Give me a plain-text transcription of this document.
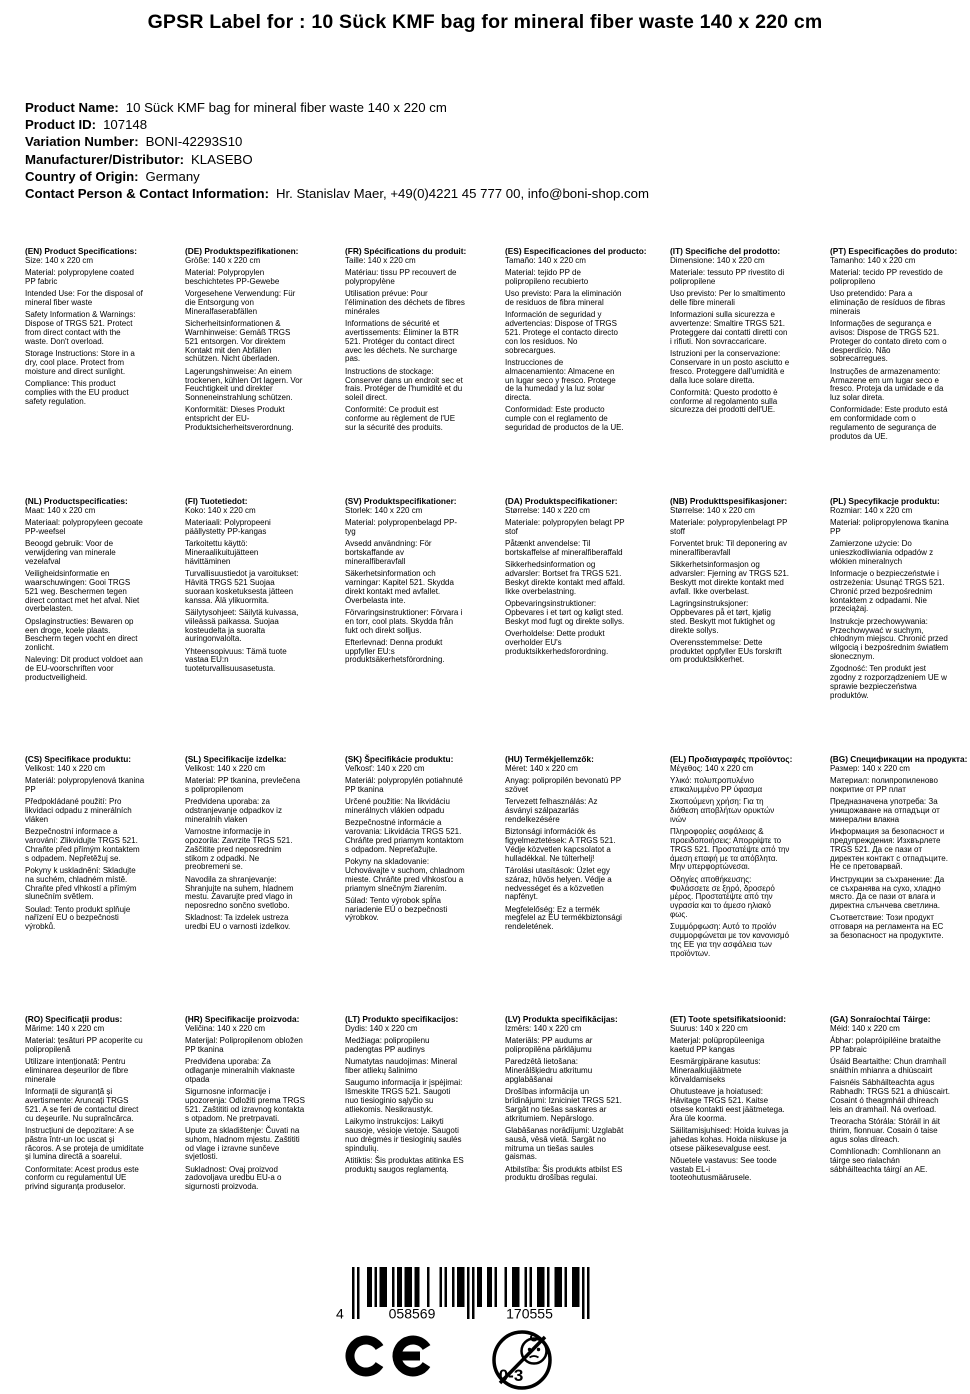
GPSR Label for : 10 Sück KMF bag for mineral fiber waste 140 x 220 cm
Product Name: 10 Sück KMF bag for mineral fiber waste 140 x 220 cm
Product ID: 107148
Variation Number: BONI-42293S10
Manufacturer/Distributor: KLASEBO
Country of Origin: Germany
Contact Person & Contact Information: Hr. Stanislav Maer, +49(0)4221 45 777 00, info@boni-shop.com
(EN) Product Specifications:
Size: 140 x 220 cm
Material: polypropylene coated PP fabric
Intended Use: For the disposal of mineral fiber waste
Safety Information & Warnings: Dispose of TRGS 521. Protect from direct contact with the waste. Don't overload.
Storage Instructions: Store in a dry, cool place. Protect from moisture and direct sunlight.
Compliance: This product complies with the EU product safety regulation.
(DE) Produktspezifikationen:
Größe: 140 x 220 cm
Material: Polypropylen beschichtetes PP-Gewebe
Vorgesehene Verwendung: Für die Entsorgung von Mineralfaserabfällen
Sicherheitsinformationen & Warnhinweise: Gemäß TRGS 521 entsorgen. Vor direktem Kontakt mit den Abfällen schützen. Nicht überladen.
Lagerungshinweise: An einem trockenen, kühlen Ort lagern. Vor Feuchtigkeit und direkter Sonneneinstrahlung schützen.
Konformität: Dieses Produkt entspricht der EU-Produktsicherheitsverordnung.
(FR) Spécifications du produit:
Taille: 140 x 220 cm
Matériau: tissu PP recouvert de polypropylène
Utilisation prévue: Pour l'élimination des déchets de fibres minérales
Informations de sécurité et avertissements: Éliminer la BTR 521. Protéger du contact direct avec les déchets. Ne surcharge pas.
Instructions de stockage: Conserver dans un endroit sec et frais. Protéger de l'humidité et du soleil direct.
Conformité: Ce produit est conforme au règlement de l'UE sur la sécurité des produits.
(ES) Especificaciones del producto:
Tamaño: 140 x 220 cm
Material: tejido PP de polipropileno recubierto
Uso previsto: Para la eliminación de residuos de fibra mineral
Información de seguridad y advertencias: Dispose of TRGS 521. Protege el contacto directo con los residuos. No sobrecargues.
Instrucciones de almacenamiento: Almacene en un lugar seco y fresco. Protege de la humedad y la luz solar directa.
Conformidad: Este producto cumple con el reglamento de seguridad de productos de la UE.
(IT) Specifiche del prodotto:
Dimensione: 140 x 220 cm
Materiale: tessuto PP rivestito di polipropilene
Uso previsto: Per lo smaltimento delle fibre minerali
Informazioni sulla sicurezza e avvertenze: Smaltire TRGS 521. Proteggere dai contatti diretti con i rifiuti. Non sovraccaricare.
Istruzioni per la conservazione: Conservare in un posto asciutto e fresco. Proteggere dall'umidità e dalla luce solare diretta.
Conformità: Questo prodotto è conforme al regolamento sulla sicurezza dei prodotti dell'UE.
(PT) Especificações do produto:
Tamanho: 140 x 220 cm
Material: tecido PP revestido de polipropileno
Uso pretendido: Para a eliminação de resíduos de fibras minerais
Informações de segurança e avisos: Dispose de TRGS 521. Proteger do contato direto com o desperdício. Não sobrecarregues.
Instruções de armazenamento: Armazene em um lugar seco e fresco. Proteja da umidade e da luz solar direta.
Conformidade: Este produto está em conformidade com o regulamento de segurança de produtos da UE.
(NL) Productspecificaties:
Maat: 140 x 220 cm
Materiaal: polypropyleen gecoate PP-weefsel
Beoogd gebruik: Voor de verwijdering van minerale vezelafval
Veiligheidsinformatie en waarschuwingen: Gooi TRGS 521 weg. Beschermen tegen direct contact met het afval. Niet overbelasten.
Opslaginstructies: Bewaren op een droge, koele plaats. Bescherm tegen vocht en direct zonlicht.
Naleving: Dit product voldoet aan de EU-voorschriften voor productveiligheid.
(FI) Tuotetiedot:
Koko: 140 x 220 cm
Materiaali: Polypropeeni päällystetty PP-kangas
Tarkoitettu käyttö: Mineraalikuitujätteen hävittäminen
Turvallisuustiedot ja varoitukset: Hävitä TRGS 521 Suojaa suoraan kosketuksesta jätteen kanssa. Älä ylikuormita.
Säilytysohjeet: Säilytä kuivassa, viileässä paikassa. Suojaa kosteudelta ja suoralta auringonvalolta.
Yhteensopivuus: Tämä tuote vastaa EU:n tuoteturvallisuusasetusta.
(SV) Produktspecifikationer:
Storlek: 140 x 220 cm
Material: polypropenbelagd PP-tyg
Avsedd användning: För bortskaffande av mineralfiberavfall
Säkerhetsinformation och varningar: Kapitel 521. Skydda direkt kontakt med avfallet. Överbelasta inte.
Förvaringsinstruktioner: Förvara i en torr, cool plats. Skydda från fukt och direkt solljus.
Efterlevnad: Denna produkt uppfyller EU:s produktsäkerhetsförordning.
(DA) Produktspecifikationer:
Størrelse: 140 x 220 cm
Materiale: polypropylen belagt PP stof
Påtænkt anvendelse: Til bortskaffelse af mineralfiberaffald
Sikkerhedsinformation og advarsler: Bortset fra TRGS 521. Beskyt direkte kontakt med affald. Ikke overbelastning.
Opbevaringsinstruktioner: Opbevares i et tørt og køligt sted. Beskyt mod fugt og direkte sollys.
Overholdelse: Dette produkt overholder EU's produktsikkerhedsforordning.
(NB) Produkttspesifikasjoner:
Størrelse: 140 x 220 cm
Materiale: polypropylenbelagt PP stoff
Forventet bruk: Til deponering av mineralfiberavfall
Sikkerhetsinformasjon og advarsler: Fjerning av TRGS 521. Beskytt mot direkte kontakt med avfall. Ikke overbelast.
Lagringsinstruksjoner: Oppbevares på et tørt, kjølig sted. Beskytt mot fuktighet og direkte sollys.
Overensstemmelse: Dette produktet oppfyller EUs forskrift om produktsikkerhet.
(PL) Specyfikacje produktu:
Rozmiar: 140 x 220 cm
Materiał: polipropylenowa tkanina PP
Zamierzone użycie: Do unieszkodliwiania odpadów z włókien mineralnych
Informacje o bezpieczeństwie i ostrzeżenia: Usunąć TRGS 521. Chronić przed bezpośrednim kontaktem z odpadami. Nie przeciążaj.
Instrukcje przechowywania: Przechowywać w suchym, chłodnym miejscu. Chronić przed wilgocią i bezpośrednim światłem słonecznym.
Zgodność: Ten produkt jest zgodny z rozporządzeniem UE w sprawie bezpieczeństwa produktów.
(CS) Specifikace produktu:
Velikost: 140 x 220 cm
Materiál: polypropylenová tkanina PP
Předpokládané použití: Pro likvidaci odpadu z minerálních vláken
Bezpečnostní informace a varování: Zlikvidujte TRGS 521. Chraňte před přímým kontaktem s odpadem. Nepřetěžuj se.
Pokyny k uskladnění: Skladujte na suchém, chladném místě. Chraňte před vlhkostí a přímým slunečním světlem.
Soulad: Tento produkt splňuje nařízení EU o bezpečnosti výrobků.
(SL) Specifikacije izdelka:
Velikost: 140 x 220 cm
Material: PP tkanina, prevlečena s polipropilenom
Predvidena uporaba: za odstranjevanje odpadkov iz mineralnih vlaken
Varnostne informacije in opozorila: Zavrzite TRGS 521. Zaščitite pred neposrednim stikom z odpadki. Ne preobremeni se.
Navodila za shranjevanje: Shranjujte na suhem, hladnem mestu. Zavarujte pred vlago in neposredno sončno svetlobo.
Skladnost: Ta izdelek ustreza uredbi EU o varnosti izdelkov.
(SK) Špecifikácie produktu:
Veľkosť: 140 x 220 cm
Materiál: polypropylén potiahnuté PP tkanina
Určené použitie: Na likvidáciu minerálnych vlákien odpadu
Bezpečnostné informácie a varovania: Likvidácia TRGS 521. Chráňte pred priamym kontaktom s odpadom. Nepreťažujte.
Pokyny na skladovanie: Uchovávajte v suchom, chladnom mieste. Chráňte pred vlhkosťou a priamym slnečným žiarením.
Súlad: Tento výrobok spĺňa nariadenie EÚ o bezpečnosti výrobkov.
(HU) Termékjellemzők:
Méret: 140 x 220 cm
Anyag: polipropilén bevonatú PP szövet
Tervezett felhasználás: Az ásványi szálpazarlás rendelkezésére
Biztonsági információk és figyelmeztetések: A TRGS 521. Védje közvetlen kapcsolatot a hulladékkal. Ne túlterhelj!
Tárolási utasítások: Üzlet egy száraz, hűvös helyen. Védje a nedvességet és a közvetlen napfényt.
Megfelelőség: Ez a termék megfelel az EU termékbiztonsági rendeletének.
(EL) Προδιαγραφές προϊόντος:
Μέγεθος: 140 x 220 cm
Υλικό: πολυπροπυλένιο επικαλυμμένο PP ύφασμα
Σκοπούμενη χρήση: Για τη διάθεση αποβλήτων ορυκτών ινών
Πληροφορίες ασφάλειας & προειδοποιήσεις: Απορρίψτε το TRGS 521. Προστατέψτε από την άμεση επαφή με τα απόβλητα. Μην υπερφορτώνεσαι.
Οδηγίες αποθήκευσης: Φυλάσσετε σε ξηρό, δροσερό μέρος. Προστατέψτε από την υγρασία και το άμεσο ηλιακό φως.
Συμμόρφωση: Αυτό το προϊόν συμμορφώνεται με τον κανονισμό της ΕΕ για την ασφάλεια των προϊόντων.
(BG) Спецификации на продукта:
Размер: 140 x 220 cm
Материал: полипропиленово покритие от PP плат
Предназначена употреба: За унищожаване на отпадъци от минерални влакна
Информация за безопасност и предупреждения: Изхвърлете TRGS 521. Да се пази от директен контакт с отпадъците. Не се претоварвай.
Инструкции за съхранение: Да се съхранява на сухо, хладно място. Да се пази от влага и директна слънчева светлина.
Съответствие: Този продукт отговаря на регламента на ЕС за безопасност на продуктите.
(RO) Specificații produs:
Mărime: 140 x 220 cm
Material: țesături PP acoperite cu polipropilenă
Utilizare intenționată: Pentru eliminarea deșeurilor de fibre minerale
Informații de siguranță și avertismente: Aruncați TRGS 521. A se feri de contactul direct cu deșeurile. Nu supraîncărca.
Instrucțiuni de depozitare: A se păstra într-un loc uscat și răcoros. A se proteja de umiditate și lumina directă a soarelui.
Conformitate: Acest produs este conform cu regulamentul UE privind siguranța produselor.
(HR) Specifikacije proizvoda:
Veličina: 140 x 220 cm
Materijal: Polipropilenom obložen PP tkanina
Predviđena uporaba: Za odlaganje mineralnih vlaknaste otpada
Sigurnosne informacije i upozorenja: Odložiti prema TRGS 521. Zaštititi od izravnog kontakta s otpadom. Ne pretrpavati.
Upute za skladištenje: Čuvati na suhom, hladnom mjestu. Zaštititi od vlage i izravne sunčeve svjetlosti.
Sukladnost: Ovaj proizvod zadovoljava uredbu EU-a o sigurnosti proizvoda.
(LT) Produkto specifikacijos:
Dydis: 140 x 220 cm
Medžiaga: polipropilenu padengtas PP audinys
Numatytas naudojimas: Mineral fiber atliekų šalinimo
Saugumo informacija ir įspėjimai: Išmeskite TRGS 521. Saugoti nuo tiesioginio sąlyčio su atliekomis. Nesikraustyk.
Laikymo instrukcijos: Laikyti sausoje, vėsioje vietoje. Saugoti nuo drėgmės ir tiesioginių saulės spindulių.
Atitiktis: Šis produktas atitinka ES produktų saugos reglamentą.
(LV) Produkta specifikācijas:
Izmērs: 140 x 220 cm
Materiāls: PP audums ar polipropilēna pārklājumu
Paredzētā lietošana: Minerālšķiedru atkritumu apglabāšanai
Drošības informācija un brīdinājumi: Izniciniet TRGS 521. Sargāt no tiešas saskares ar atkritumiem. Nepārslogo.
Glabāšanas norādījumi: Uzglabāt sausā, vēsā vietā. Sargāt no mitruma un tiešas saules gaismas.
Atbilstība: Šis produkts atbilst ES produktu drošības regulai.
(ET) Toote spetsifikatsioonid:
Suurus: 140 x 220 cm
Materjal: polüpropüleeniga kaetud PP kangas
Eesmärgipärane kasutus: Mineraalkiujäätmete kõrvaldamiseks
Ohutusteave ja hoiatused: Hävitage TRGS 521. Kaitse otsese kontakti eest jäätmetega. Ära üle koorma.
Säilitamisjuhised: Hoida kuivas ja jahedas kohas. Hoida niiskuse ja otsese päikesevalguse eest.
Nõuetele vastavus: See toode vastab EL-i tooteohutusmäärusele.
(GA) Sonraíochtaí Táirge:
Méid: 140 x 220 cm
Ábhar: polapróipiléine brataithe PP fabraic
Úsáid Beartaithe: Chun dramhaíl snáithín mhianra a dhiúscairt
Faisnéis Sábháilteachta agus Rabhadh: TRGS 521 a dhiúscairt. Cosaint ó theagmháil dhíreach leis an dramhaíl. Ná overload.
Treoracha Stórála: Stóráil in áit thirim, fionnuar. Cosain ó taise agus solas díreach.
Comhlíonadh: Comhlíonann an táirge seo rialachán sábháilteachta táirgí an AE.
4	058569	170555
0-3
